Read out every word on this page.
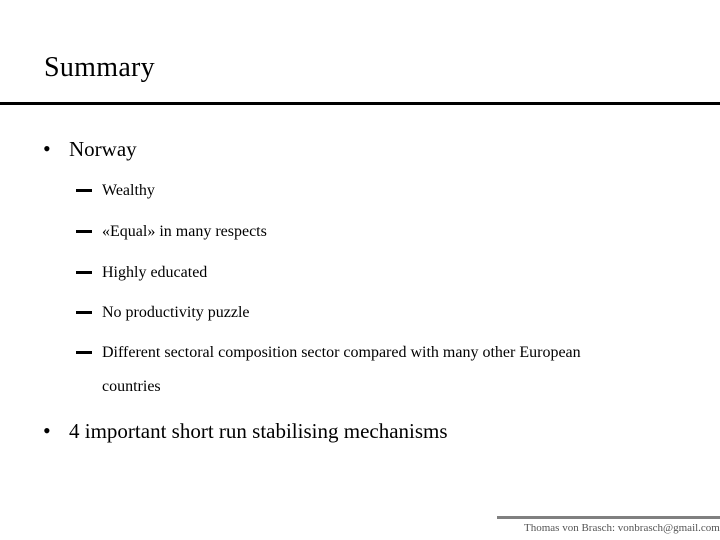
Summary
• Norway
Wealthy
«Equal» in many respects
Highly educated
No productivity puzzle
Different sectoral composition sector compared with many other European
countries
• 4 important short run stabilising mechanisms
Thomas von Brasch: vonbrasch@gmail.com
